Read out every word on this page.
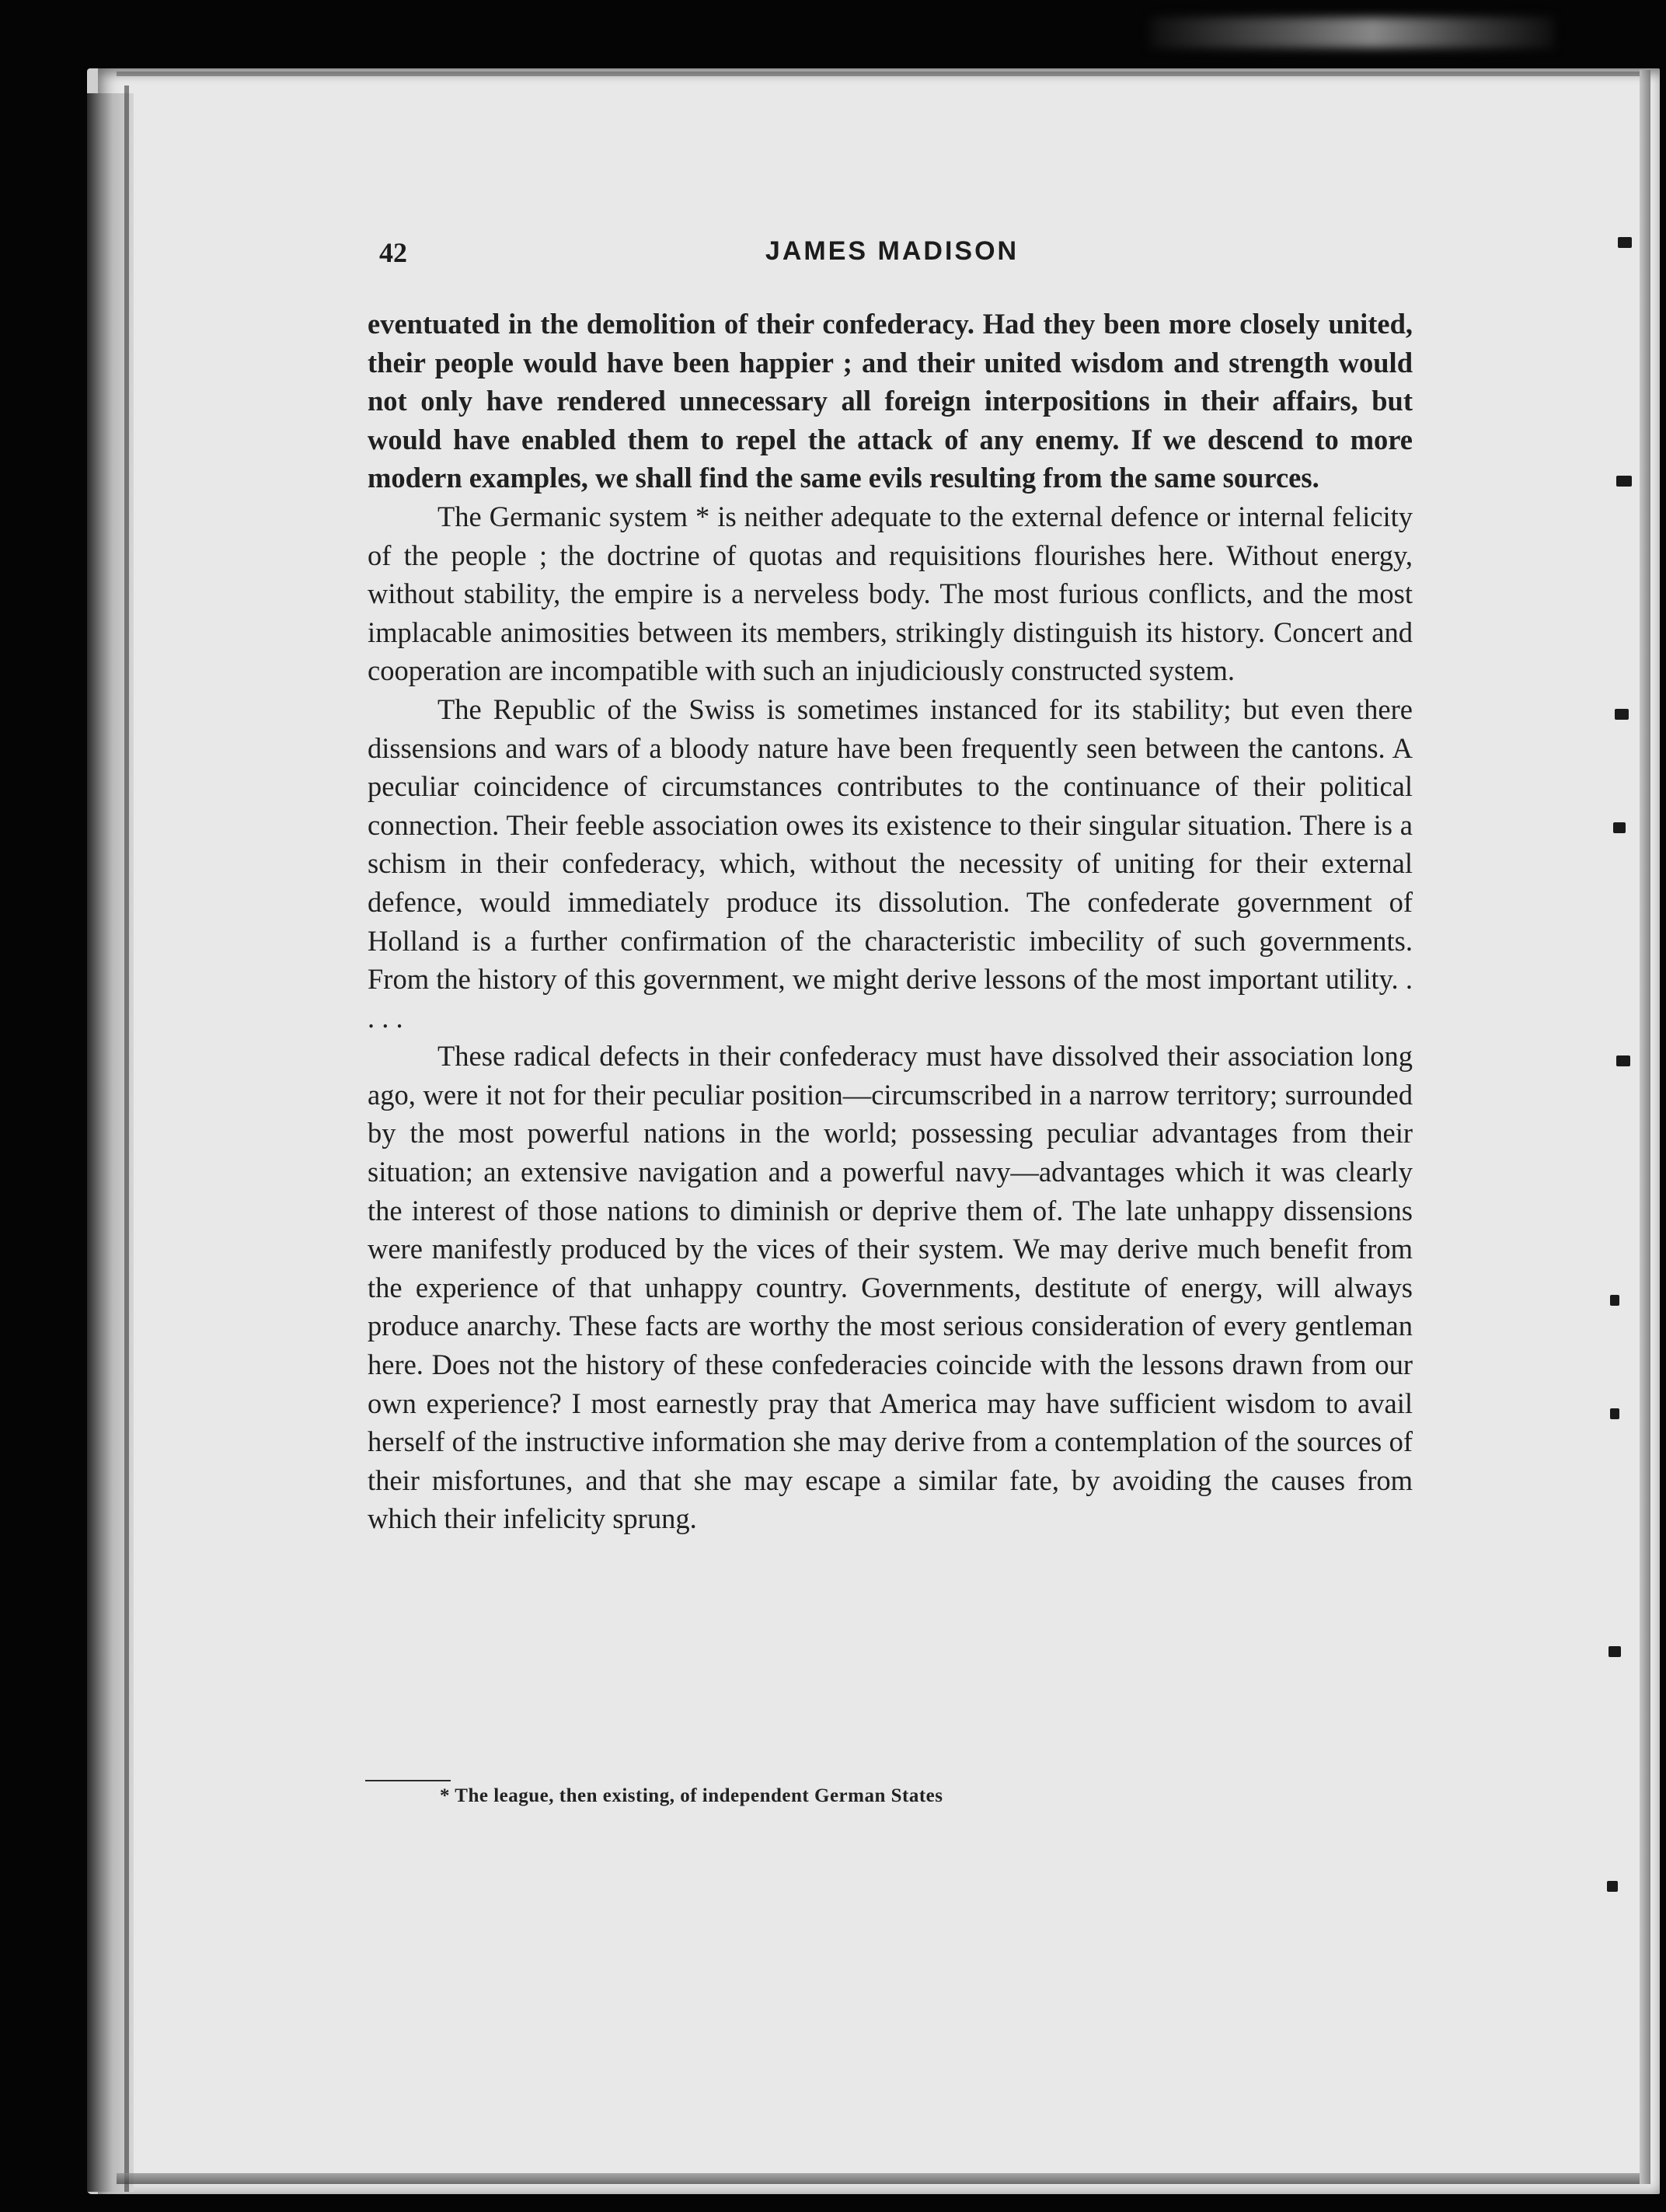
42	JAMES MADISON

eventuated in the demolition of their confederacy. Had they been more closely united, their people would have been happier ; and their united wisdom and strength would not only have rendered unnecessary all foreign interpositions in their affairs, but would have enabled them to repel the attack of any enemy. If we descend to more modern examples, we shall find the same evils resulting from the same sources.

The Germanic system * is neither adequate to the external defence or internal felicity of the people ; the doctrine of quotas and requisitions flourishes here. Without energy, without stability, the empire is a nerveless body. The most furious conflicts, and the most implacable animosities between its members, strikingly distinguish its history. Concert and cooperation are incompatible with such an injudiciously constructed system.

The Republic of the Swiss is sometimes instanced for its stability; but even there dissensions and wars of a bloody nature have been frequently seen between the cantons. A peculiar coincidence of circumstances contributes to the continuance of their political connection. Their feeble association owes its existence to their singular situation. There is a schism in their confederacy, which, without the necessity of uniting for their external defence, would immediately produce its dissolution. The confederate government of Holland is a further confirmation of the characteristic imbecility of such governments. From the history of this government, we might derive lessons of the most important utility. . . . .

These radical defects in their confederacy must have dissolved their association long ago, were it not for their peculiar position—circumscribed in a narrow territory; surrounded by the most powerful nations in the world; possessing peculiar advantages from their situation; an extensive navigation and a powerful navy—advantages which it was clearly the interest of those nations to diminish or deprive them of. The late unhappy dissensions were manifestly produced by the vices of their system. We may derive much benefit from the experience of that unhappy country. Governments, destitute of energy, will always produce anarchy. These facts are worthy the most serious consideration of every gentleman here. Does not the history of these confederacies coincide with the lessons drawn from our own experience? I most earnestly pray that America may have sufficient wisdom to avail herself of the instructive information she may derive from a contemplation of the sources of their misfortunes, and that she may escape a similar fate, by avoiding the causes from which their infelicity sprung.

* The league, then existing, of independent German States
